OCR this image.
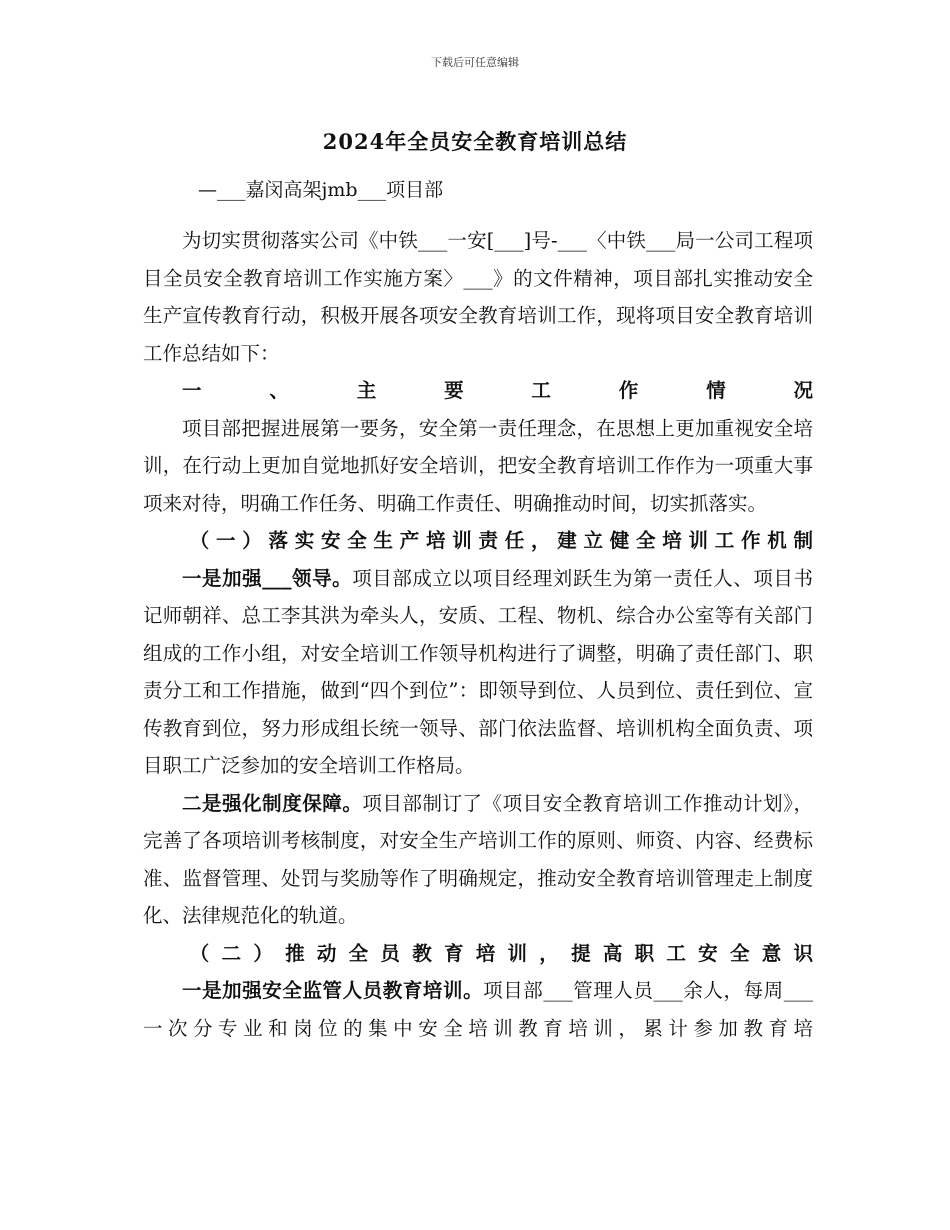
下载后可任意编辑
2024年全员安全教育培训总结
—___嘉闵高架jmb___项目部

为切实贯彻落实公司《中铁___一安[___]号-___〈中铁___局一公司工程项目全员安全教育培训工作实施方案〉___》的文件精神，项目部扎实推动安全生产宣传教育行动，积极开展各项安全教育培训工作，现将项目安全教育培训工作总结如下：

一、主要工作情况

项目部把握进展第一要务，安全第一责任理念，在思想上更加重视安全培训，在行动上更加自觉地抓好安全培训，把安全教育培训工作作为一项重大事项来对待，明确工作任务、明确工作责任、明确推动时间，切实抓落实。

（一）落实安全生产培训责任，建立健全培训工作机制

一是加强___领导。项目部成立以项目经理刘跃生为第一责任人、项目书记师朝祥、总工李其洪为牵头人，安质、工程、物机、综合办公室等有关部门组成的工作小组，对安全培训工作领导机构进行了调整，明确了责任部门、职责分工和工作措施，做到“四个到位”：即领导到位、人员到位、责任到位、宣传教育到位，努力形成组长统一领导、部门依法监督、培训机构全面负责、项目职工广泛参加的安全培训工作格局。

二是强化制度保障。项目部制订了《项目安全教育培训工作推动计划》，完善了各项培训考核制度，对安全生产培训工作的原则、师资、内容、经费标准、监督管理、处罚与奖励等作了明确规定，推动安全教育培训管理走上制度化、法律规范化的轨道。

（二）推动全员教育培训，提高职工安全意识

一是加强安全监管人员教育培训。项目部___管理人员___余人，每周___一次分专业和岗位的集中安全培训教育培训，累计参加教育培
